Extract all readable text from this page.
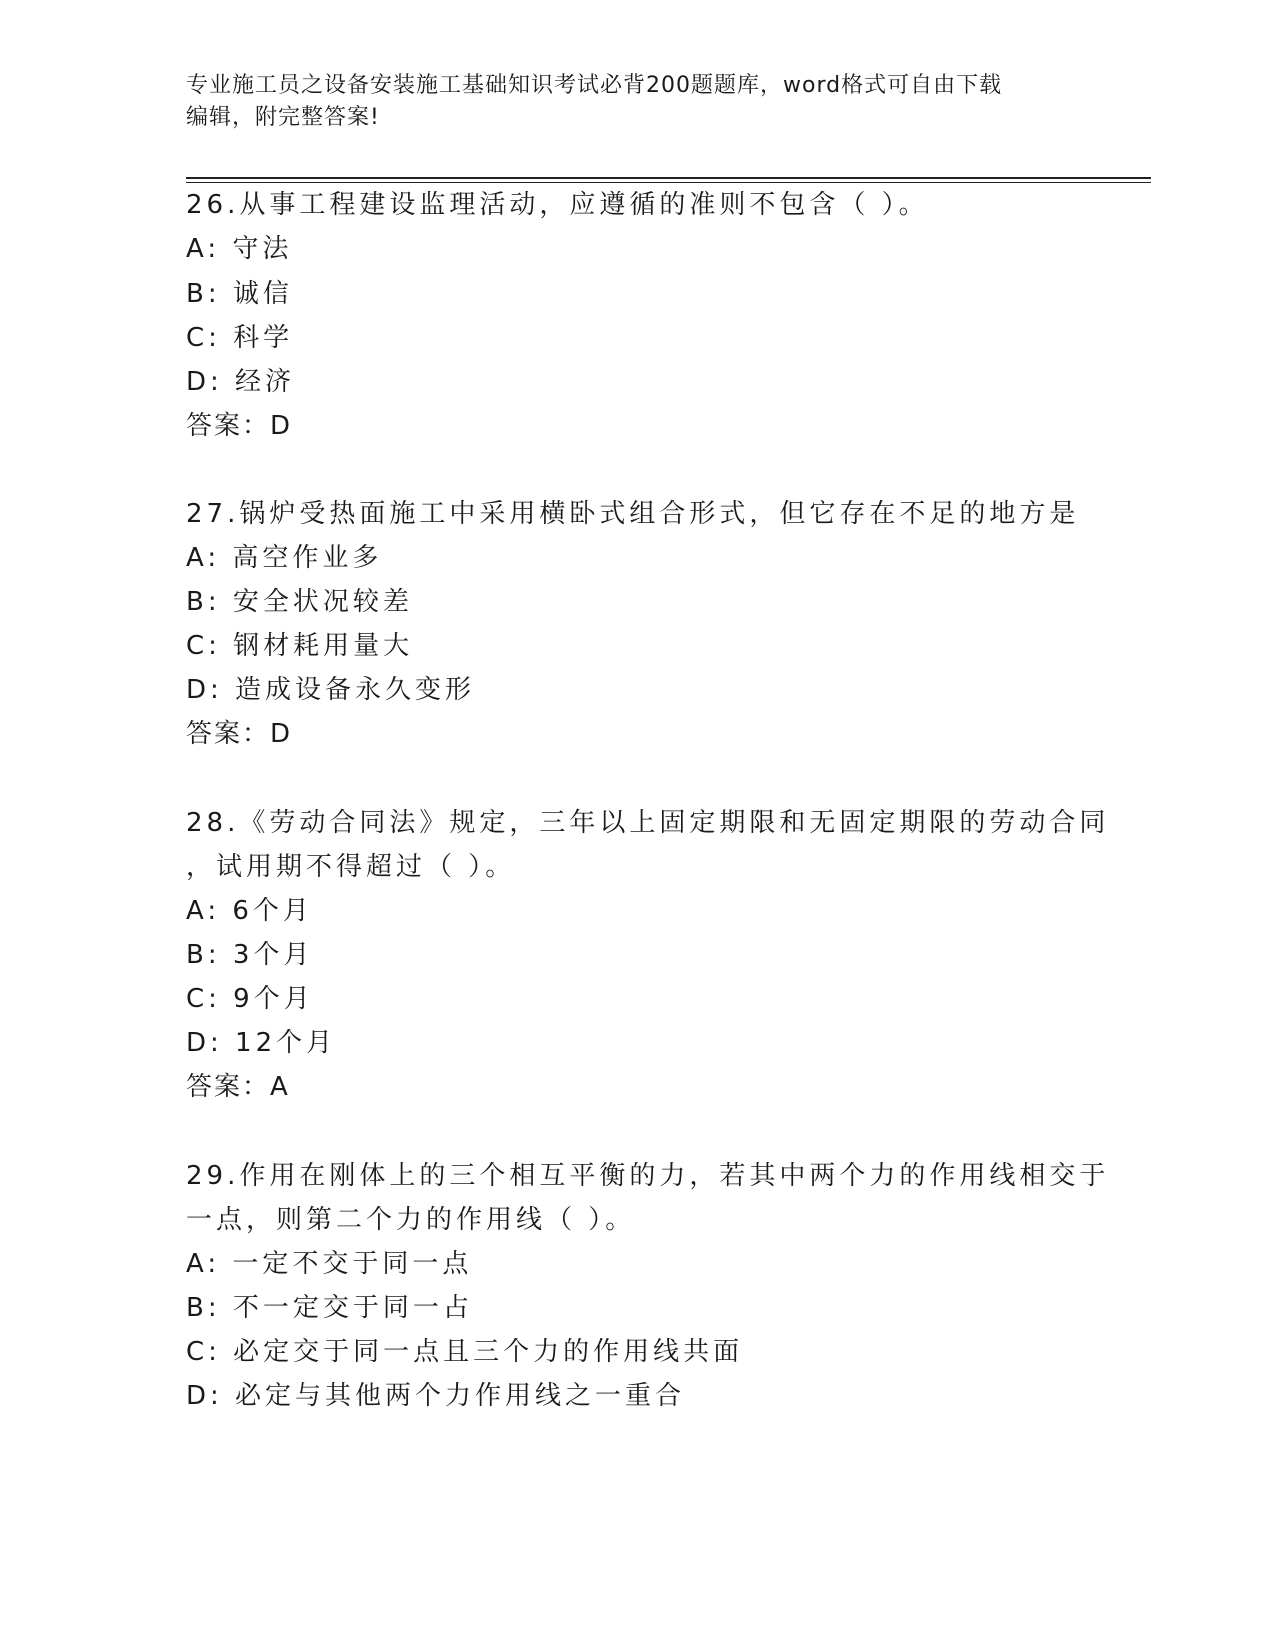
专业施工员之设备安装施工基础知识考试必背200题题库，word格式可自由下载
编辑，附完整答案!
26.从事工程建设监理活动，应遵循的准则不包含（ ）。
A: 守法
B: 诚信
C: 科学
D: 经济
答案：D
27.锅炉受热面施工中采用横卧式组合形式，但它存在不足的地方是
A: 高空作业多
B: 安全状况较差
C: 钢材耗用量大
D: 造成设备永久变形
答案：D
28.《劳动合同法》规定，三年以上固定期限和无固定期限的劳动合同
，试用期不得超过（ ）。
A: 6个月
B: 3个月
C: 9个月
D: 12个月
答案：A
29.作用在刚体上的三个相互平衡的力，若其中两个力的作用线相交于
一点，则第二个力的作用线（ ）。
A: 一定不交于同一点
B: 不一定交于同一占
C: 必定交于同一点且三个力的作用线共面
D: 必定与其他两个力作用线之一重合
